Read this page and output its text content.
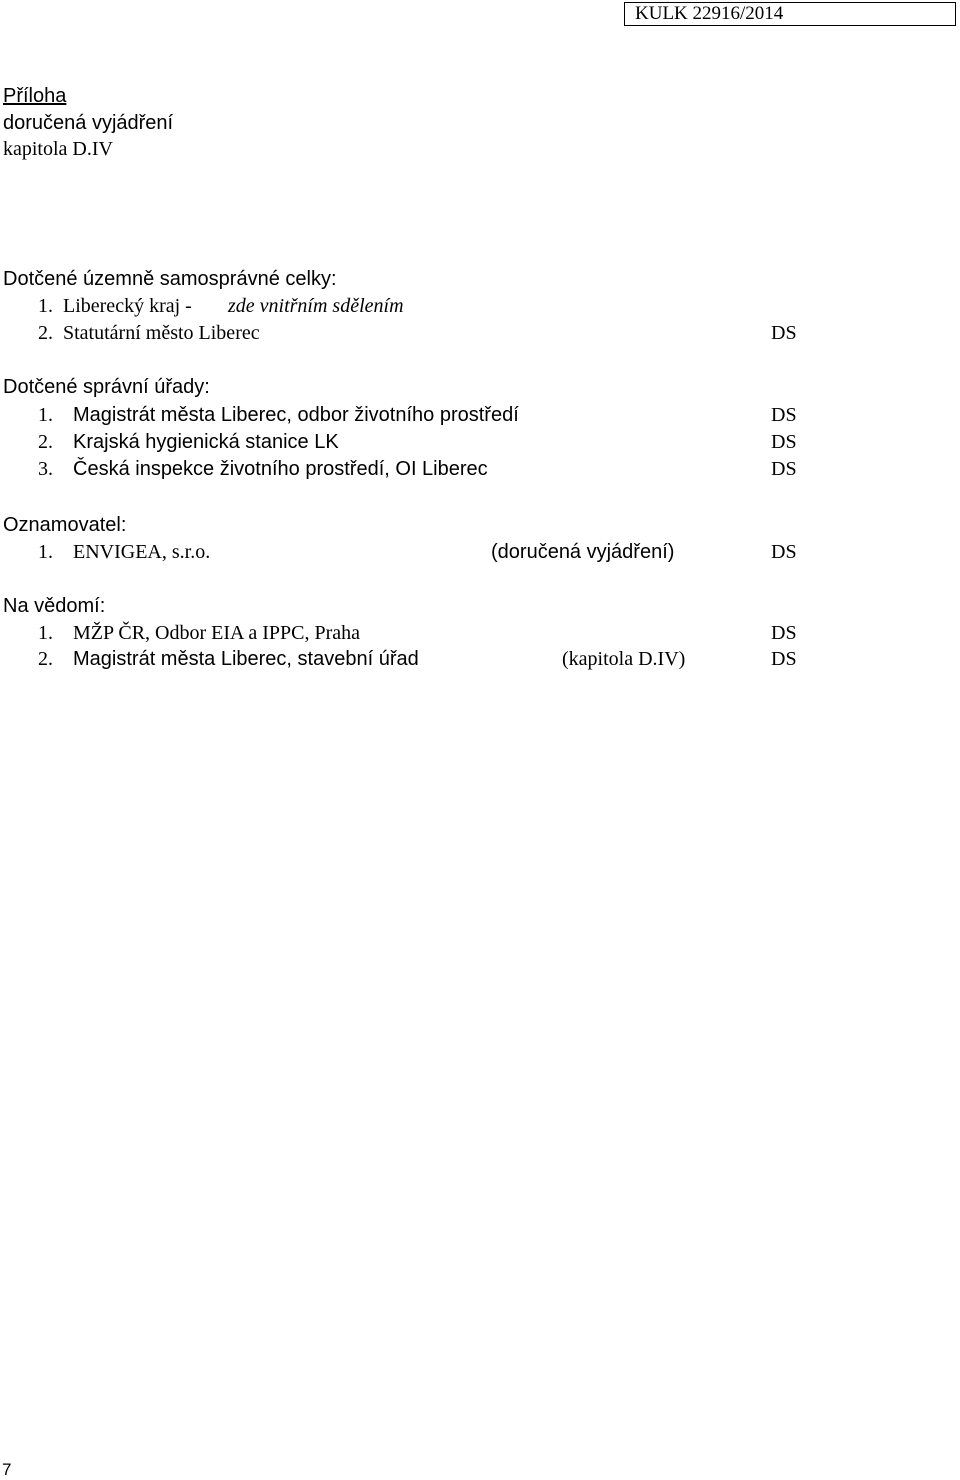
KULK 22916/2014
Příloha
doručená vyjádření
kapitola D.IV
Dotčené územně samosprávné celky:
1. Liberecký kraj - zde vnitřním sdělením
2. Statutární město Liberec	DS
Dotčené správní úřady:
1. Magistrát města Liberec, odbor životního prostředí	DS
2. Krajská hygienická stanice LK	DS
3. Česká inspekce životního prostředí, OI Liberec	DS
Oznamovatel:
1. ENVIGEA, s.r.o.	(doručená vyjádření)	DS
Na vědomí:
1. MŽP ČR, Odbor EIA a IPPC, Praha	DS
2. Magistrát města Liberec, stavební úřad	(kapitola D.IV)	DS
7
